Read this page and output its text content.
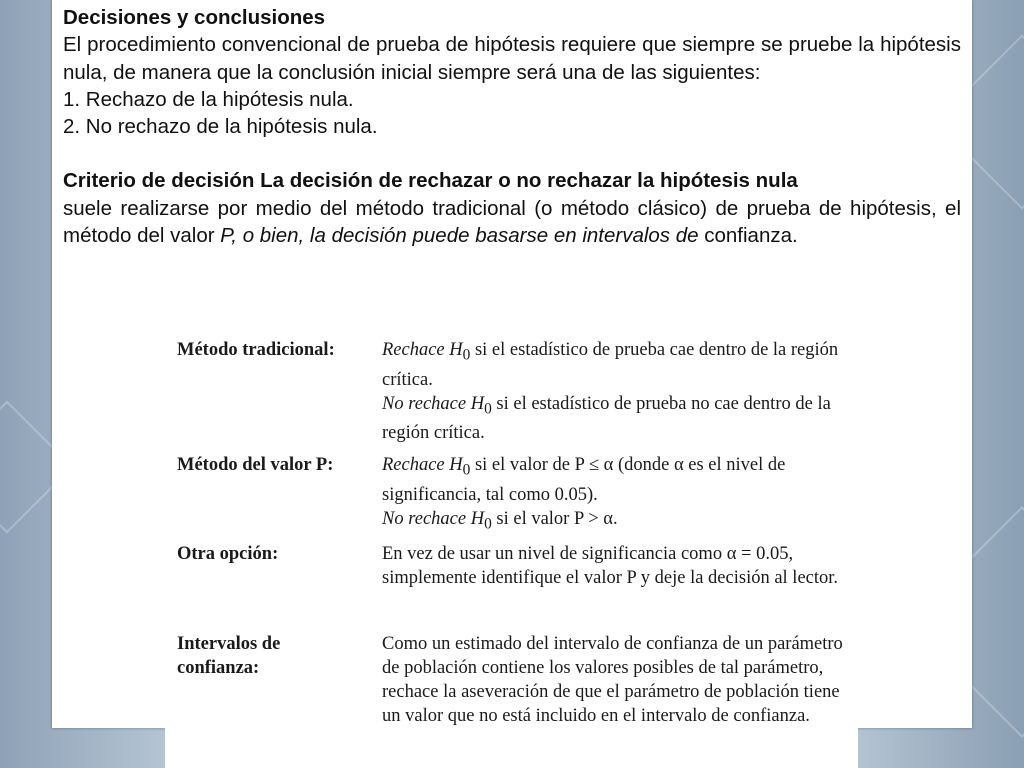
Decisiones y conclusiones

El procedimiento convencional de prueba de hipótesis requiere que siempre se pruebe la hipótesis nula, de manera que la conclusión inicial siempre será una de las siguientes:

1. Rechazo de la hipótesis nula.

2. No rechazo de la hipótesis nula.

Criterio de decisión La decisión de rechazar o no rechazar la hipótesis nula

suele realizarse por medio del método tradicional (o método clásico) de prueba de hipótesis, el método del valor P, o bien, la decisión puede basarse en intervalos de confianza.

Método tradicional:	Rechace $H_0$ si el estadístico de prueba cae dentro de la región crítica.

No rechace $H_0$ si el estadístico de prueba no cae dentro de la región crítica.

Método del valor P:	Rechace $H_0$ si el valor de P ≤ α (donde α es el nivel de significancia, tal como 0.05).

No rechace $H_0$ si el valor P > α.

Otra opción:	En vez de usar un nivel de significancia como α = 0.05, simplemente identifique el valor P y deje la decisión al lector.

Intervalos de confianza:

Como un estimado del intervalo de confianza de un parámetro de población contiene los valores posibles de tal parámetro, rechace la aseveración de que el parámetro de población tiene un valor que no está incluido en el intervalo de confianza.
